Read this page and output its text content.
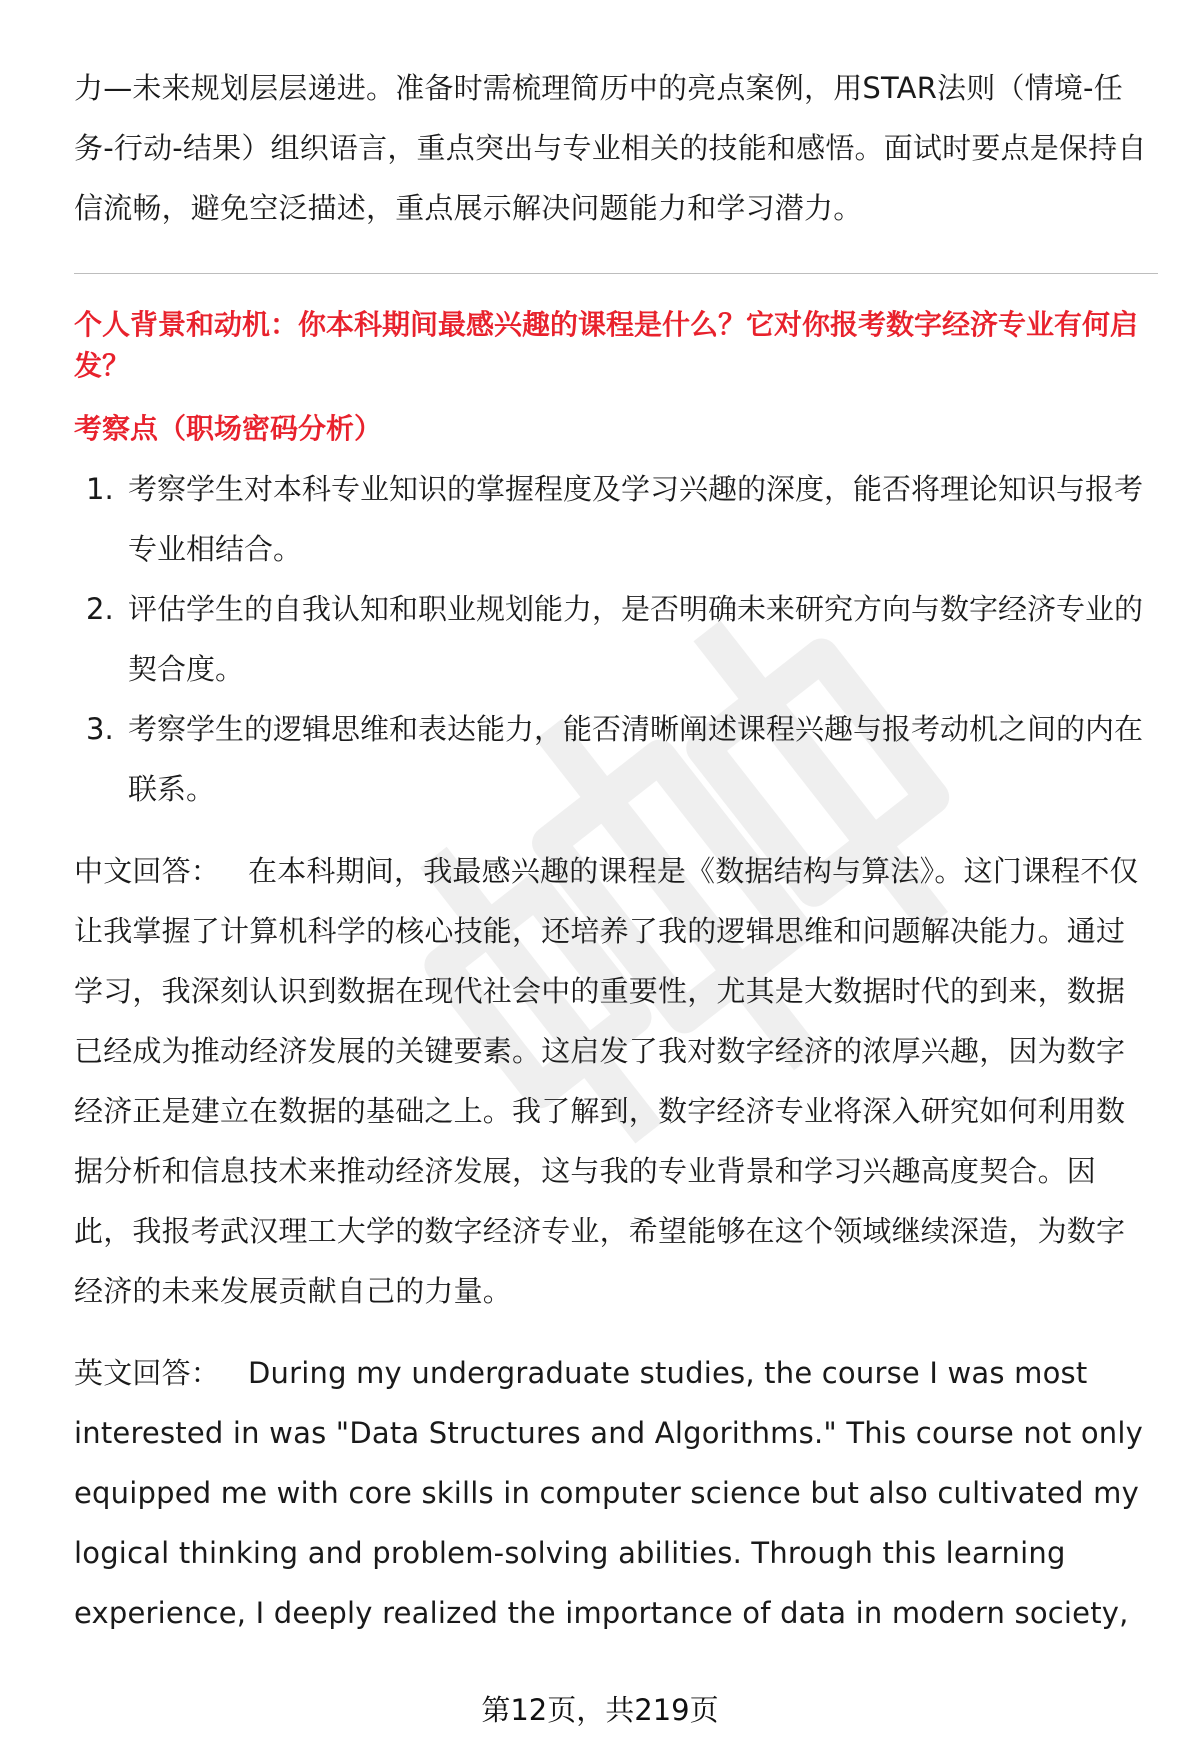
力—未来规划层层递进。准备时需梳理简历中的亮点案例，用STAR法则（情境-任务-行动-结果）组织语言，重点突出与专业相关的技能和感悟。面试时要点是保持自信流畅，避免空泛描述，重点展示解决问题能力和学习潜力。

个人背景和动机：你本科期间最感兴趣的课程是什么？它对你报考数字经济专业有何启发？

考察点（职场密码分析）

1. 考察学生对本科专业知识的掌握程度及学习兴趣的深度，能否将理论知识与报考专业相结合。
2. 评估学生的自我认知和职业规划能力，是否明确未来研究方向与数字经济专业的契合度。
3. 考察学生的逻辑思维和表达能力，能否清晰阐述课程兴趣与报考动机之间的内在联系。

中文回答： 在本科期间，我最感兴趣的课程是《数据结构与算法》。这门课程不仅让我掌握了计算机科学的核心技能，还培养了我的逻辑思维和问题解决能力。通过学习，我深刻认识到数据在现代社会中的重要性，尤其是大数据时代的到来，数据已经成为推动经济发展的关键要素。这启发了我对数字经济的浓厚兴趣，因为数字经济正是建立在数据的基础之上。我了解到，数字经济专业将深入研究如何利用数据分析和信息技术来推动经济发展，这与我的专业背景和学习兴趣高度契合。因此，我报考武汉理工大学的数字经济专业，希望能够在这个领域继续深造，为数字经济的未来发展贡献自己的力量。

英文回答： During my undergraduate studies, the course I was most interested in was "Data Structures and Algorithms." This course not only equipped me with core skills in computer science but also cultivated my logical thinking and problem-solving abilities. Through this learning experience, I deeply realized the importance of data in modern society,

第12页，共219页
